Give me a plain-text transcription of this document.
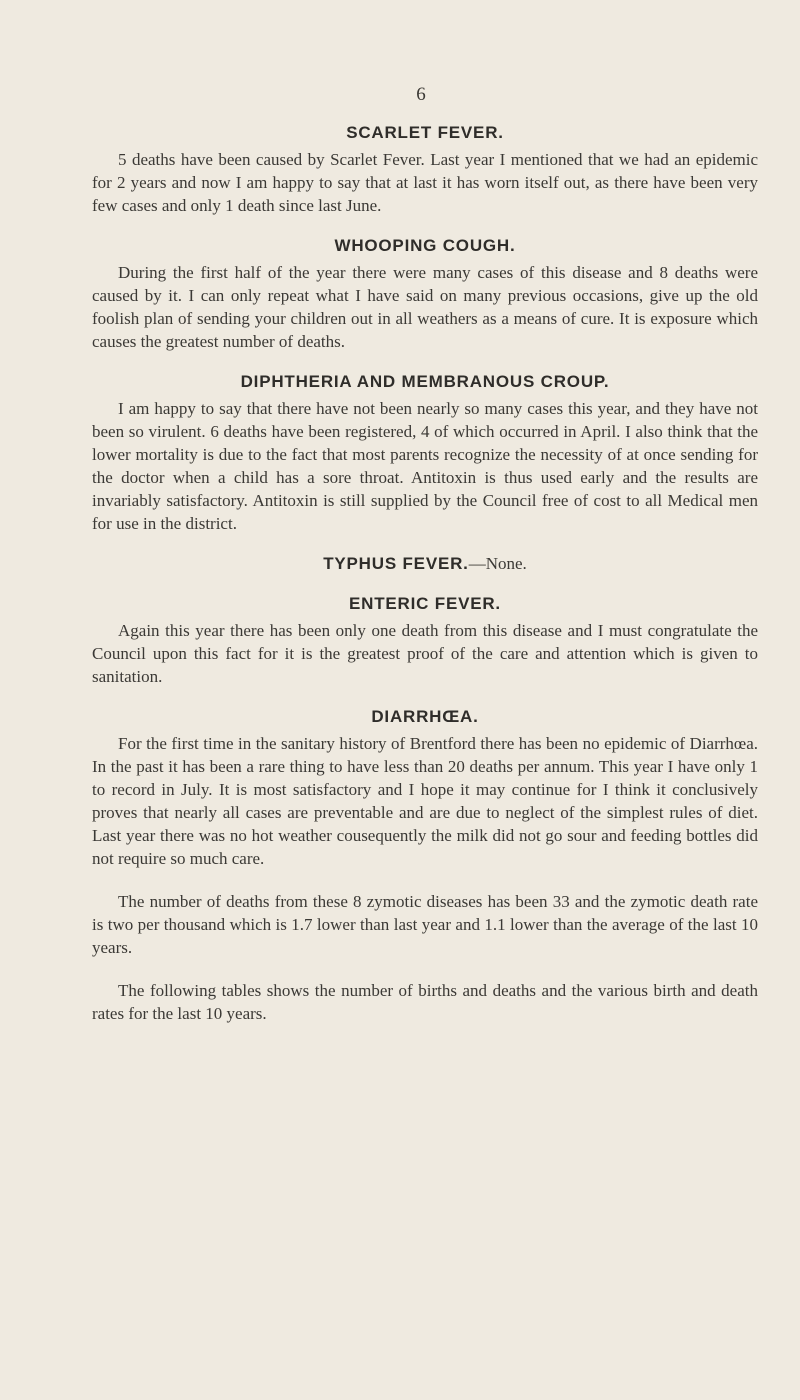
6
SCARLET FEVER.

5 deaths have been caused by Scarlet Fever. Last year I mentioned that we had an epidemic for 2 years and now I am happy to say that at last it has worn itself out, as there have been very few cases and only 1 death since last June.

WHOOPING COUGH.

During the first half of the year there were many cases of this disease and 8 deaths were caused by it. I can only repeat what I have said on many previous occasions, give up the old foolish plan of sending your children out in all weathers as a means of cure. It is exposure which causes the greatest number of deaths.

DIPHTHERIA AND MEMBRANOUS CROUP.

I am happy to say that there have not been nearly so many cases this year, and they have not been so virulent. 6 deaths have been registered, 4 of which occurred in April. I also think that the lower mortality is due to the fact that most parents recognize the necessity of at once sending for the doctor when a child has a sore throat. Antitoxin is thus used early and the results are invariably satisfactory. Antitoxin is still supplied by the Council free of cost to all Medical men for use in the district.

TYPHUS FEVER.—None.
ENTERIC FEVER.

Again this year there has been only one death from this disease and I must congratulate the Council upon this fact for it is the greatest proof of the care and attention which is given to sanitation.

DIARRHŒA.

For the first time in the sanitary history of Brentford there has been no epidemic of Diarrhœa. In the past it has been a rare thing to have less than 20 deaths per annum. This year I have only 1 to record in July. It is most satisfactory and I hope it may continue for I think it conclusively proves that nearly all cases are preventable and are due to neglect of the simplest rules of diet. Last year there was no hot weather cousequently the milk did not go sour and feeding bottles did not require so much care.

The number of deaths from these 8 zymotic diseases has been 33 and the zymotic death rate is two per thousand which is 1.7 lower than last year and 1.1 lower than the average of the last 10 years.

The following tables shows the number of births and deaths and the various birth and death rates for the last 10 years.
